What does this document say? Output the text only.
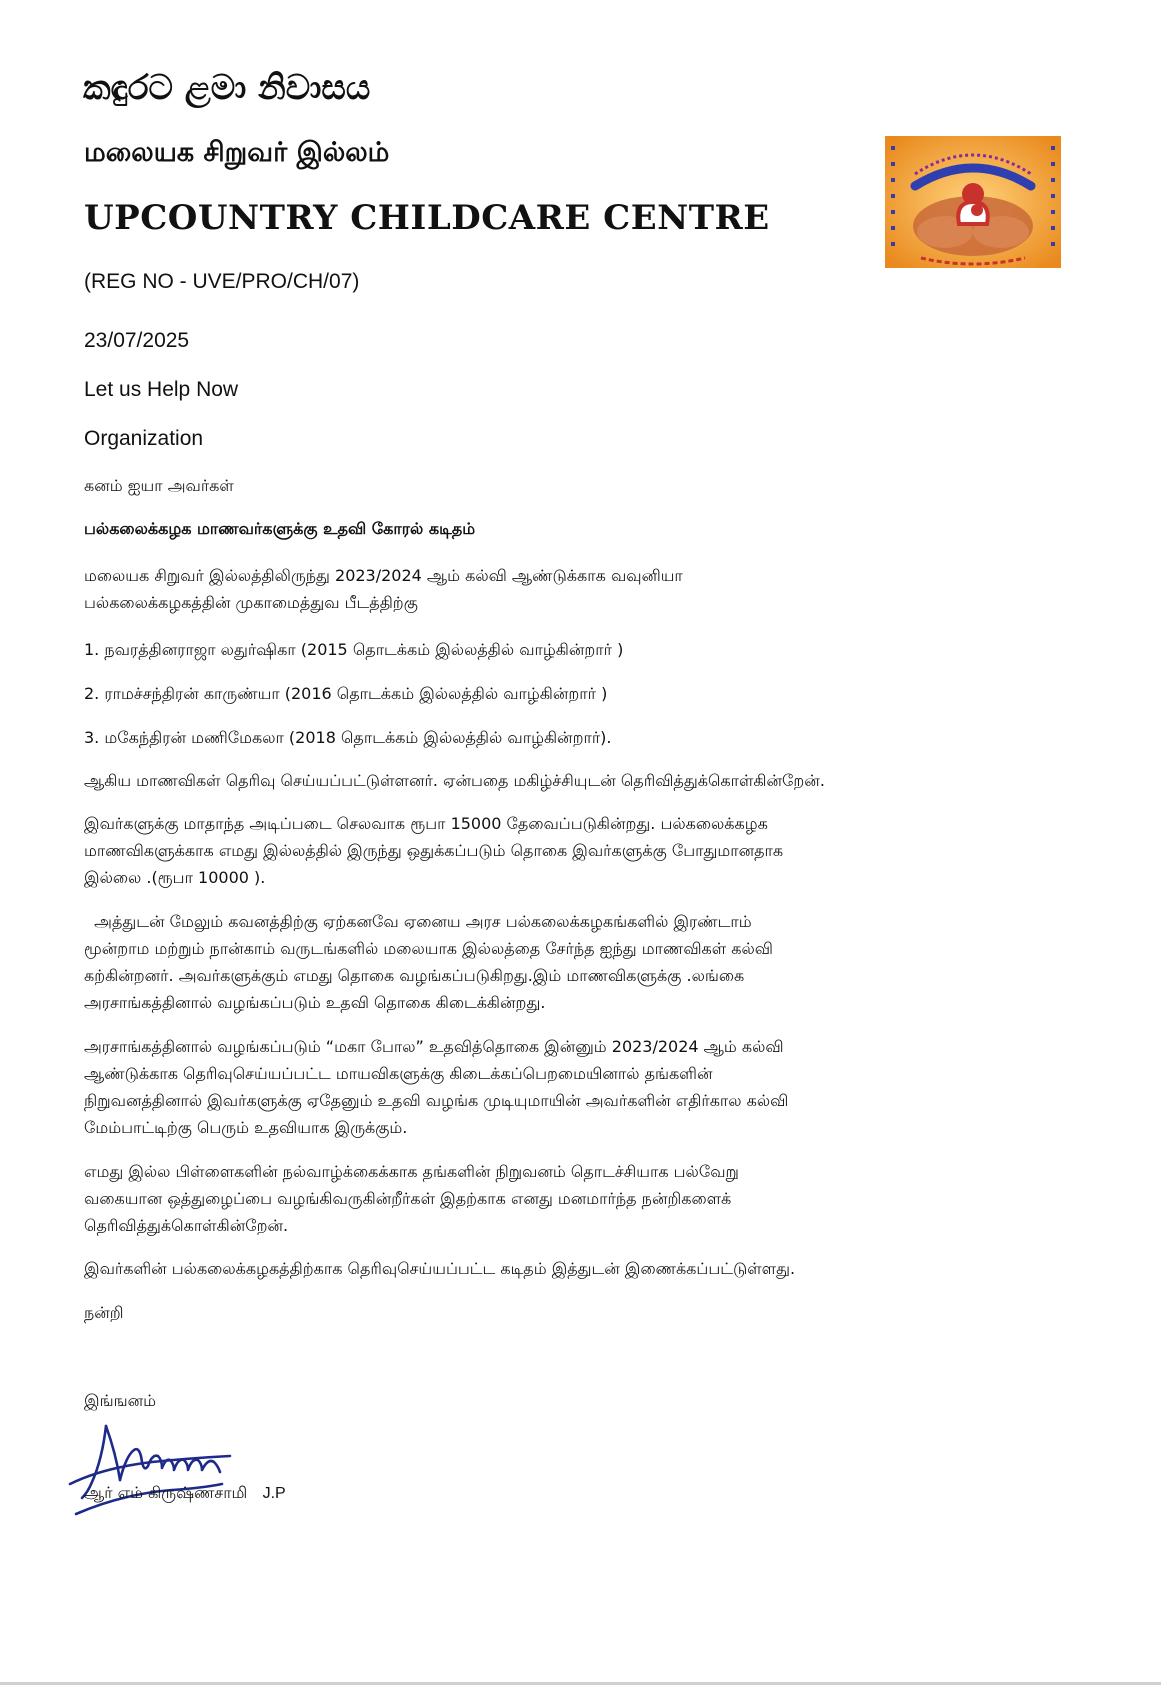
කඳුරට ළමා නිවාසය
மலையக சிறுவர் இல்லம்
UPCOUNTRY CHILDCARE CENTRE
(REG NO - UVE/PRO/CH/07)
23/07/2025
Let us Help Now
Organization
கனம் ஐயா அவர்கள்
பல்கலைக்கழக மாணவர்களுக்கு உதவி கோரல் கடிதம்
மலையக சிறுவர் இல்லத்திலிருந்து 2023/2024 ஆம் கல்வி ஆண்டுக்காக வவுனியா
பல்கலைக்கழகத்தின் முகாமைத்துவ பீடத்திற்கு
1. நவரத்தினராஜா லதுர்ஷிகா (2015 தொடக்கம் இல்லத்தில் வாழ்கின்றார் )
2. ராமச்சந்திரன் காருண்யா (2016 தொடக்கம் இல்லத்தில் வாழ்கின்றார் )
3. மகேந்திரன் மணிமேகலா (2018 தொடக்கம் இல்லத்தில் வாழ்கின்றார்).
ஆகிய மாணவிகள் தெரிவு செய்யப்பட்டுள்ளனர். ஏன்பதை மகிழ்ச்சியுடன் தெரிவித்துக்கொள்கின்றேன்.
இவர்களுக்கு மாதாந்த அடிப்படை செலவாக ரூபா 15000 தேவைப்படுகின்றது. பல்கலைக்கழக
மாணவிகளுக்காக எமது இல்லத்தில் இருந்து ஒதுக்கப்படும் தொகை இவர்களுக்கு போதுமானதாக
இல்லை .(ரூபா 10000 ).
அத்துடன் மேலும் கவனத்திற்கு ஏற்கனவே ஏனைய அரச பல்கலைக்கழகங்களில் இரண்டாம்
மூன்றாம மற்றும் நான்காம் வருடங்களில் மலையாக இல்லத்தை சேர்ந்த ஐந்து மாணவிகள் கல்வி
கற்கின்றனர். அவர்களுக்கும் எமது தொகை வழங்கப்படுகிறது.இம் மாணவிகளுக்கு .லங்கை
அரசாங்கத்தினால் வழங்கப்படும் உதவி தொகை கிடைக்கின்றது.
அரசாங்கத்தினால் வழங்கப்படும் “மகா போல” உதவித்தொகை இன்னும் 2023/2024 ஆம் கல்வி
ஆண்டுக்காக தெரிவுசெய்யப்பட்ட மாயவிகளுக்கு கிடைக்கப்பெறமையினால் தங்களின்
நிறுவனத்தினால் இவர்களுக்கு ஏதேனும் உதவி வழங்க முடியுமாயின் அவர்களின் எதிர்கால கல்வி
மேம்பாட்டிற்கு பெரும் உதவியாக இருக்கும்.
எமது இல்ல பிள்ளைகளின் நல்வாழ்க்கைக்காக தங்களின் நிறுவனம் தொடச்சியாக பல்வேறு
வகையான ஒத்துழைப்பை வழங்கிவருகின்றீர்கள் இதற்காக எனது மனமார்ந்த நன்றிகளைக்
தெரிவித்துக்கொள்கின்றேன்.
இவர்களின் பல்கலைக்கழகத்திற்காக தெரிவுசெய்யப்பட்ட கடிதம் இத்துடன் இணைக்கப்பட்டுள்ளது.
நன்றி
இங்ஙனம்
ஆர் எம் கிருஷ்ணசாமி J.P
